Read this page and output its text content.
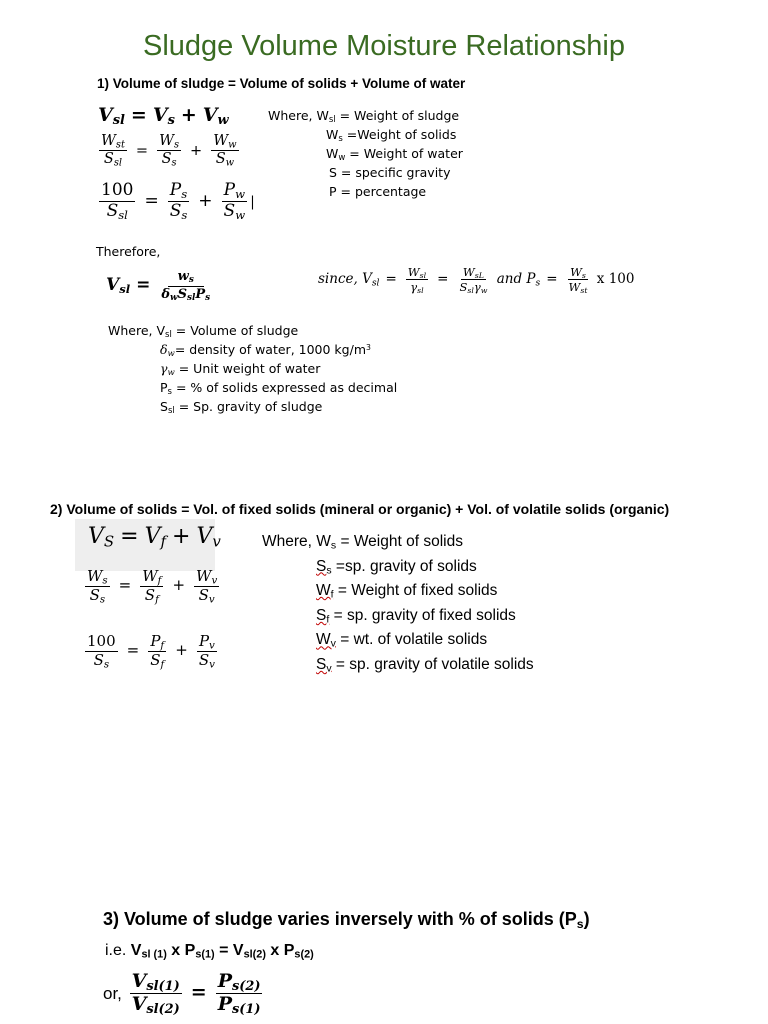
Sludge Volume Moisture Relationship
1) Volume of sludge = Volume of solids + Volume of water
$V_{sl} = V_s + V_w$
$\frac{W_{st}}{S_{sl}} = \frac{W_s}{S_s} + \frac{W_w}{S_w}$
$\frac{100}{S_{sl}} = \frac{P_s}{S_s} + \frac{P_w}{S_w}$ |
Where, $W_{sl}$ = Weight of sludge
$W_s$ =Weight of solids
$W_w$ = Weight of water
S = specific gravity
P = percentage
Therefore,
$V_{sl} = \frac{w_s}{\delta_wS_{sl}P_s}$	since, $V_{sl} = \frac{W_{sl}}{\gamma_{sl}} = \frac{W_{sL}}{S_{sl}\gamma_w}$ and $P_s = \frac{W_s}{W_{st}}$ x 100
Where, $V_{sl}$ = Volume of sludge
$\delta_w=$ density of water, 1000 $kg/m^3$
$\gamma_w$ = Unit weight of water
$P_s$ = % of solids expressed as decimal
$S_{sl} = Sp$. gravity of sludge
2) Volume of solids = Vol. of fixed solids (mineral or organic) + Vol. of volatile solids (organic)
$V_S = V_f + V_v$
$\frac{W_s}{S_s} = \frac{W_f}{S_f} + \frac{W_v}{S_v}$
$\frac{100}{S_s} = \frac{P_f}{S_f} + \frac{P_v}{S_v}$
Where, $W_s$ = Weight of solids
$S_s =sp$. gravity of solids
$W_f$ = Weight of fixed solids
$S_f$ = sp. gravity of fixed solids
$W_v$ = wt. of volatile solids
$S_v$ = sp. gravity of volatile solids
3) Volume of sludge varies inversely with % of solids $(P_s)$
i.e. $V_{sl (1)}$ x $P_{s(1)} = V_{sl(2)}$ x $P_{s(2)}$
or, $\frac{V_{sl(1)}}{V_{sl(2)}} = \frac{P_{s(2)}}{P_{s(1)}}$
